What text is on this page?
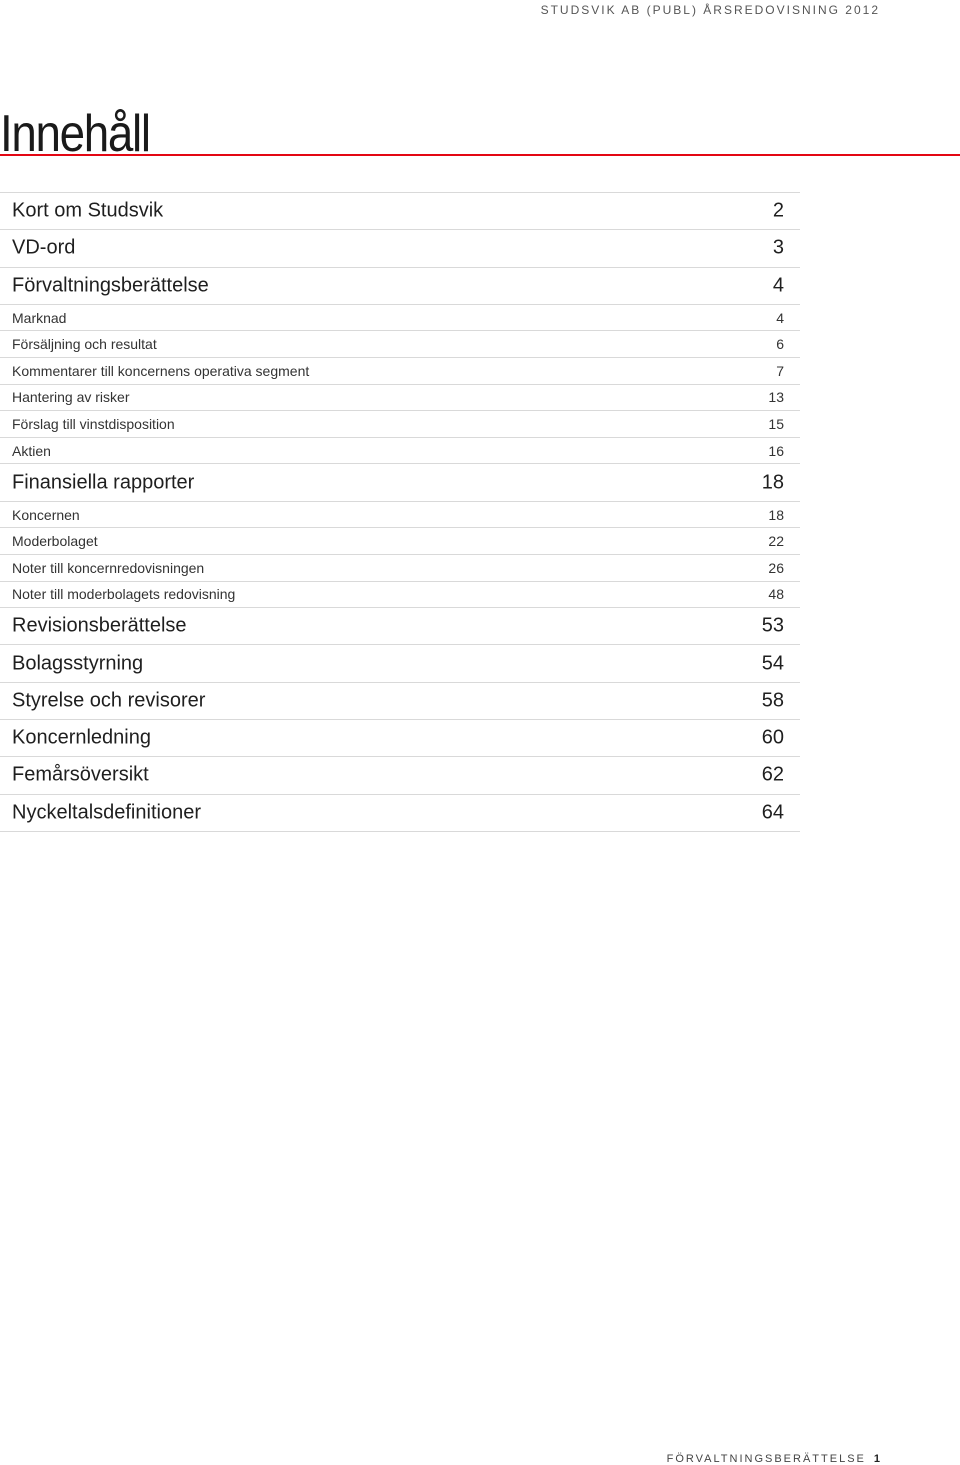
STUDSVIK AB (PUBL) ÅRSREDOVISNING 2012
Innehåll
Kort om Studsvik	2
VD-ord	3
Förvaltningsberättelse	4
Marknad	4
Försäljning och resultat	6
Kommentarer till koncernens operativa segment	7
Hantering av risker	13
Förslag till vinstdisposition	15
Aktien	16
Finansiella rapporter	18
Koncernen	18
Moderbolaget	22
Noter till koncernredovisningen	26
Noter till moderbolagets redovisning	48
Revisionsberättelse	53
Bolagsstyrning	54
Styrelse och revisorer	58
Koncernledning	60
Femårsöversikt	62
Nyckeltalsdefinitioner	64
FÖRVALTNINGSBERÄTTELSE 1
